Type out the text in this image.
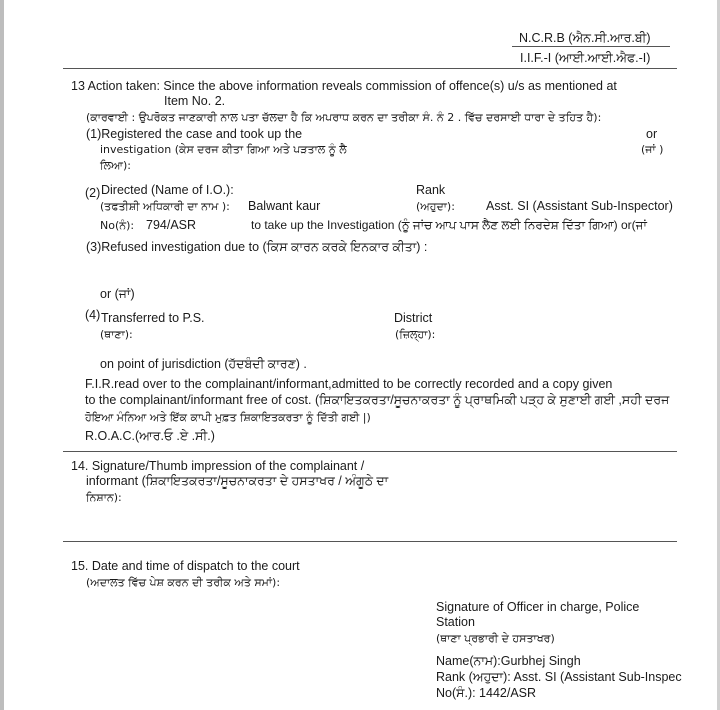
N.C.R.B (ਐਨ.ਸੀ.ਆਰ.ਬੀ)
I.I.F.-I (ਆਈ.ਆਈ.ਐਫ.-I)
13 Action taken: Since the above information reveals commission of offence(s) u/s as mentioned at
Item No. 2.
(ਕਾਰਵਾਈ : ਉਪਰੋਕਤ ਜਾਣਕਾਰੀ ਨਾਲ ਪਤਾ ਚੱਲਦਾ ਹੈ ਕਿ ਅਪਰਾਧ ਕਰਨ ਦਾ ਤਰੀਕਾ ਸੰ. ਨੰ 2 . ਵਿੱਚ ਦਰਸਾਈ ਧਾਰਾ ਦੇ ਤਹਿਤ ਹੈ):
(1)Registered the case and took up the
investigation (ਕੇਸ ਦਰਜ ਕੀਤਾ ਗਿਆ ਅਤੇ ਪੜਤਾਲ ਨੂੰ ਲੈ
ਲਿਆ):
or
(ਜਾਂ )
(2) Directed (Name of I.O.):
(ਤਫਤੀਸ਼ੀ ਅਧਿਕਾਰੀ ਦਾ ਨਾਮ ): Balwant kaur
Rank
(ਅਹੁਦਾ): Asst. SI (Assistant Sub-Inspector)
No(ਨੰ): 794/ASR	to take up the Investigation (ਨੂੰ ਜਾਂਚ ਆਪ ਪਾਸ ਲੈਣ ਲਈ ਨਿਰਦੇਸ਼ ਦਿੱਤਾ ਗਿਆ) or(ਜਾਂ
(3)Refused investigation due to (ਕਿਸ ਕਾਰਨ ਕਰਕੇ ਇਨਕਾਰ ਕੀਤਾ) :
or (ਜਾਂ)
(4) Transferred to P.S.
(ਥਾਣਾ):
District
(ਜ਼ਿਲ੍ਹਾ):
on point of jurisdiction (ਹੱਦਬੰਦੀ ਕਾਰਣ) .
F.I.R.read over to the complainant/informant,admitted to be correctly recorded and a copy given
to the complainant/informant free of cost. (ਸ਼ਿਕਾਇਤਕਰਤਾ/ਸੂਚਨਾਕਰਤਾ ਨੂੰ ਪ੍ਰਾਥਮਿਕੀ ਪੜ੍ਹ ਕੇ ਸੁਣਾਈ ਗਈ ,ਸਹੀ ਦਰਜ
ਹੋਇਆ ਮੰਨਿਆ ਅਤੇ ਇੱਕ ਕਾਪੀ ਮੁਫ਼ਤ ਸ਼ਿਕਾਇਤਕਰਤਾ ਨੂੰ ਦਿੱਤੀ ਗਈ |)
R.O.A.C.(ਆਰ.ਓ .ਏ .ਸੀ.)
14. Signature/Thumb impression of the complainant /
informant (ਸ਼ਿਕਾਇਤਕਰਤਾ/ਸੂਚਨਾਕਰਤਾ ਦੇ ਹਸਤਾਖਰ / ਅੰਗੂਠੇ ਦਾ
ਨਿਸ਼ਾਨ):
15. Date and time of dispatch to the court
(ਅਦਾਲਤ ਵਿੱਚ ਪੇਸ਼ ਕਰਨ ਦੀ ਤਰੀਕ ਅਤੇ ਸਮਾਂ):
Signature of Officer in charge, Police
Station
(ਥਾਣਾ ਪ੍ਰਭਾਰੀ ਦੇ ਹਸਤਾਖਰ)
Name(ਨਾਮ):Gurbhej Singh
Rank (ਅਹੁਦਾ): Asst. SI (Assistant Sub-Inspeс
No(ਸੰ.): 1442/ASR
